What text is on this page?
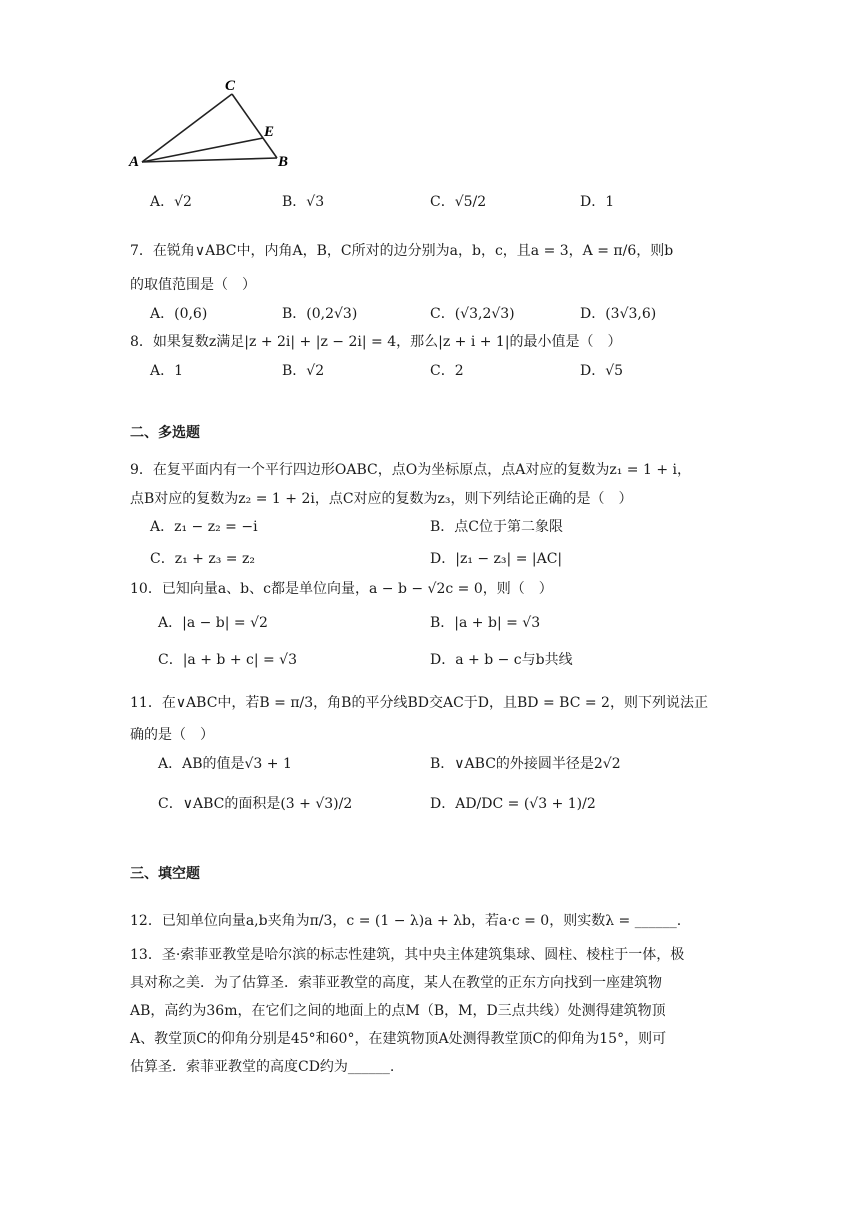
C
E
A	B
A．√2	B．√3	C．√5/2	D．1
7．在锐角∨ABC中，内角A，B，C所对的边分别为a，b，c，且a = 3，A = π/6，则b
的取值范围是（　）
A．(0,6)	B．(0,2√3)	C．(√3,2√3)	D．(3√3,6)
8．如果复数z满足|z + 2i| + |z − 2i| = 4，那么|z + i + 1|的最小值是（　）
A．1	B．√2	C．2	D．√5
二、多选题
9．在复平面内有一个平行四边形OABC，点O为坐标原点，点A对应的复数为z₁ = 1 + i，
点B对应的复数为z₂ = 1 + 2i，点C对应的复数为z₃，则下列结论正确的是（　）
A．z₁ − z₂ = −i	B．点C位于第二象限
C．z₁ + z₃ = z₂	D．|z₁ − z₃| = |AC|
10．已知向量a、b、c都是单位向量，a − b − √2c = 0，则（　）
A．|a − b| = √2	B．|a + b| = √3
C．|a + b + c| = √3	D．a + b − c与b共线
11．在∨ABC中，若B = π/3，角B的平分线BD交AC于D，且BD = BC = 2，则下列说法正
确的是（　）
A．AB的值是√3 + 1	B．∨ABC的外接圆半径是2√2
C．∨ABC的面积是(3 + √3)/2	D．AD/DC = (√3 + 1)/2
三、填空题
12．已知单位向量a,b夹角为π/3，c = (1 − λ)a + λb，若a·c = 0，则实数λ = ______.
13．圣·索菲亚教堂是哈尔滨的标志性建筑，其中央主体建筑集球、圆柱、棱柱于一体，极
具对称之美．为了估算圣．索菲亚教堂的高度，某人在教堂的正东方向找到一座建筑物
AB，高约为36m，在它们之间的地面上的点M（B，M，D三点共线）处测得建筑物顶
A、教堂顶C的仰角分别是45°和60°，在建筑物顶A处测得教堂顶C的仰角为15°，则可
估算圣．索菲亚教堂的高度CD约为______.
